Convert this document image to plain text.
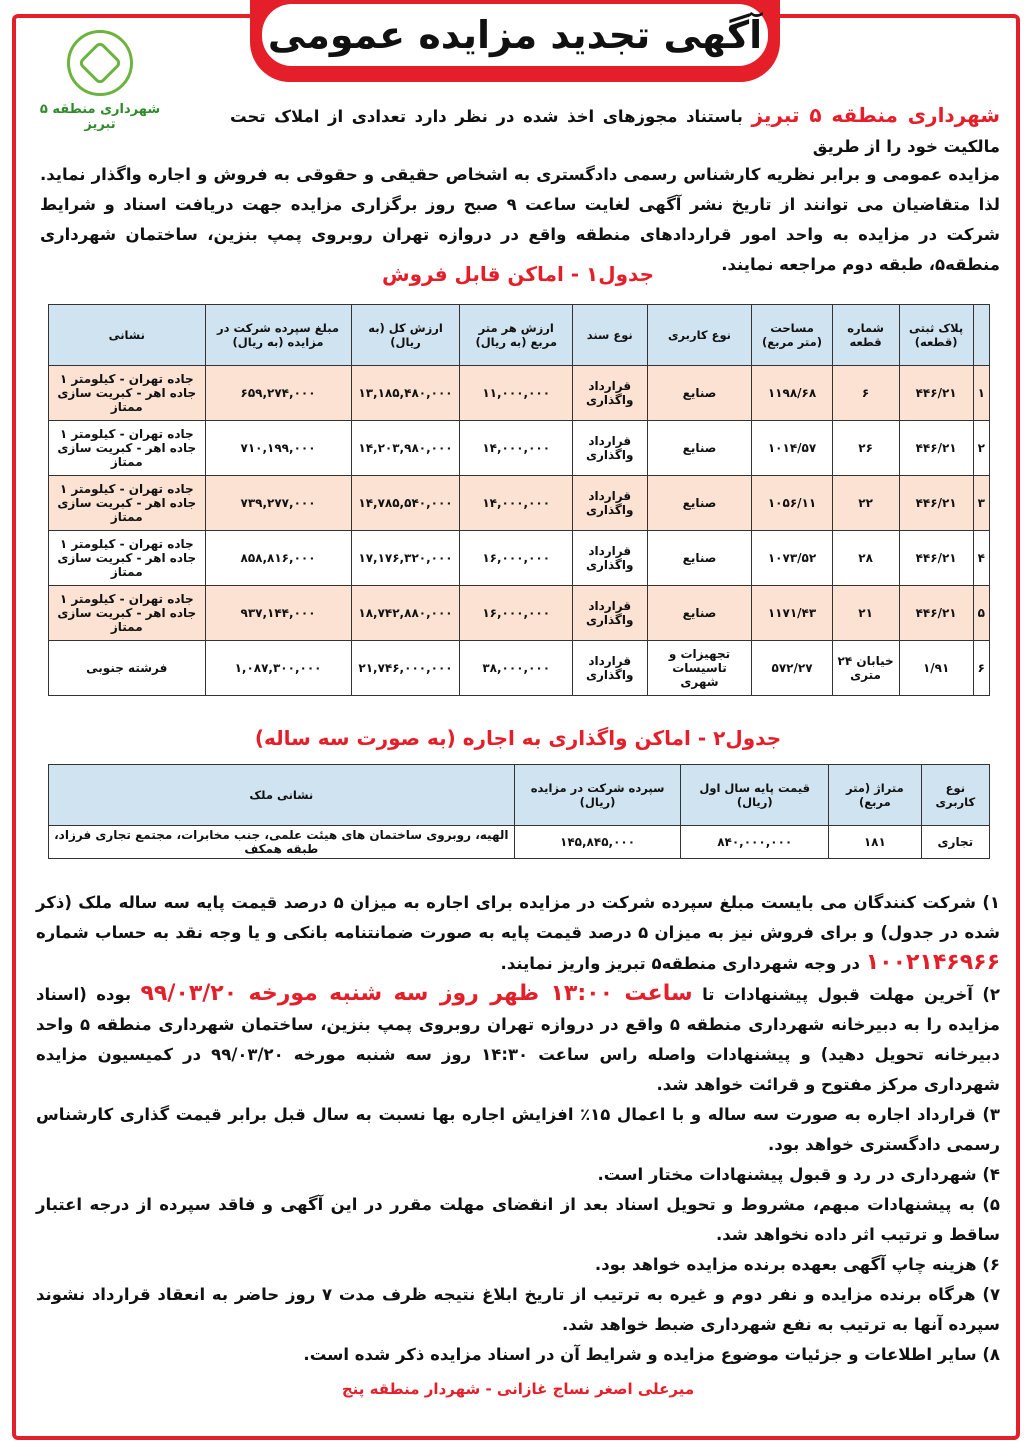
آگهی تجدید مزایده عمومی
شهرداری منطقه ۵ تبریز	شهرداری منطقه ۵ تبریز باستناد مجوزهای اخذ شده در نظر دارد تعدادی از املاک تحت مالکیت خود را از طریق
مزایده عمومی و برابر نظریه کارشناس رسمی دادگستری به اشخاص حقیقی و حقوقی به فروش و اجاره واگذار نماید. لذا متقاضیان می توانند از تاریخ نشر آگهی لغایت ساعت ۹ صبح روز برگزاری مزایده جهت دریافت اسناد و شرایط شرکت در مزایده به واحد امور قراردادهای منطقه واقع در دروازه تهران روبروی پمپ بنزین، ساختمان شهرداری منطقه۵، طبقه دوم مراجعه نمایند.
جدول۱ - اماکن قابل فروش
	پلاک ثبتی (قطعه)	شماره قطعه	مساحت (متر مربع)	نوع کاربری	نوع سند	ارزش هر متر مربع (به ریال)	ارزش کل (به ریال)	مبلغ سپرده شرکت در مزایده (به ریال)	نشانی
۱	۴۴۶/۲۱	۶	۱۱۹۸/۶۸	صنایع	قرارداد واگذاری	۱۱,۰۰۰,۰۰۰	۱۳,۱۸۵,۴۸۰,۰۰۰	۶۵۹,۲۷۴,۰۰۰	جاده تهران - کیلومتر ۱ جاده اهر - کبریت سازی ممتاز
۲	۴۴۶/۲۱	۲۶	۱۰۱۴/۵۷	صنایع	قرارداد واگذاری	۱۴,۰۰۰,۰۰۰	۱۴,۲۰۳,۹۸۰,۰۰۰	۷۱۰,۱۹۹,۰۰۰	جاده تهران - کیلومتر ۱ جاده اهر - کبریت سازی ممتاز
۳	۴۴۶/۲۱	۲۲	۱۰۵۶/۱۱	صنایع	قرارداد واگذاری	۱۴,۰۰۰,۰۰۰	۱۴,۷۸۵,۵۴۰,۰۰۰	۷۳۹,۲۷۷,۰۰۰	جاده تهران - کیلومتر ۱ جاده اهر - کبریت سازی ممتاز
۴	۴۴۶/۲۱	۲۸	۱۰۷۳/۵۲	صنایع	قرارداد واگذاری	۱۶,۰۰۰,۰۰۰	۱۷,۱۷۶,۳۲۰,۰۰۰	۸۵۸,۸۱۶,۰۰۰	جاده تهران - کیلومتر ۱ جاده اهر - کبریت سازی ممتاز
۵	۴۴۶/۲۱	۲۱	۱۱۷۱/۴۳	صنایع	قرارداد واگذاری	۱۶,۰۰۰,۰۰۰	۱۸,۷۴۲,۸۸۰,۰۰۰	۹۳۷,۱۴۴,۰۰۰	جاده تهران - کیلومتر ۱ جاده اهر - کبریت سازی ممتاز
۶	۱/۹۱	خیابان ۲۴ متری	۵۷۲/۲۷	تجهیزات و تاسیسات شهری	قرارداد واگذاری	۳۸,۰۰۰,۰۰۰	۲۱,۷۴۶,۰۰۰,۰۰۰	۱,۰۸۷,۳۰۰,۰۰۰	فرشته جنوبی
جدول۲ - اماکن واگذاری به اجاره (به صورت سه ساله)
نوع کاربری	متراژ (متر مربع)	قیمت پایه سال اول (ریال)	سپرده شرکت در مزایده (ریال)	نشانی ملک
تجاری	۱۸۱	۸۴۰,۰۰۰,۰۰۰	۱۴۵,۸۴۵,۰۰۰	الهیه، روبروی ساختمان های هیئت علمی، جنب مخابرات، مجتمع تجاری فرزاد، طبقه همکف

۱) شرکت کنندگان می بایست مبلغ سپرده شرکت در مزایده برای اجاره به میزان ۵ درصد قیمت پایه سه ساله ملک (ذکر شده در جدول) و برای فروش نیز به میزان ۵ درصد قیمت پایه به صورت ضمانتنامه بانکی و یا وجه نقد به حساب شماره ۱۰۰۲۱۴۶۹۶۶ در وجه شهرداری منطقه۵ تبریز واریز نمایند.

۲) آخرین مهلت قبول پیشنهادات تا ساعت ۱۳:۰۰ ظهر روز سه شنبه مورخه ۹۹/۰۳/۲۰ بوده (اسناد مزایده را به دبیرخانه شهرداری منطقه ۵ واقع در دروازه تهران روبروی پمپ بنزین، ساختمان شهرداری منطقه ۵ واحد دبیرخانه تحویل دهید) و پیشنهادات واصله راس ساعت ۱۴:۳۰ روز سه شنبه مورخه ۹۹/۰۳/۲۰ در کمیسیون مزایده شهرداری مرکز مفتوح و قرائت خواهد شد.

۳) قرارداد اجاره به صورت سه ساله و با اعمال ۱۵٪ افزایش اجاره بها نسبت به سال قبل برابر قیمت گذاری کارشناس رسمی دادگستری خواهد بود.

۴) شهرداری در رد و قبول پیشنهادات مختار است.

۵) به پیشنهادات مبهم، مشروط و تحویل اسناد بعد از انقضای مهلت مقرر در این آگهی و فاقد سپرده از درجه اعتبار ساقط و ترتیب اثر داده نخواهد شد.

۶) هزینه چاپ آگهی بعهده برنده مزایده خواهد بود.

۷) هرگاه برنده مزایده و نفر دوم و غیره به ترتیب از تاریخ ابلاغ نتیجه ظرف مدت ۷ روز حاضر به انعقاد قرارداد نشوند سپرده آنها به ترتیب به نفع شهرداری ضبط خواهد شد.

۸) سایر اطلاعات و جزئیات موضوع مزایده و شرایط آن در اسناد مزایده ذکر شده است.

میرعلی اصغر نساج غازانی - شهردار منطقه پنج
